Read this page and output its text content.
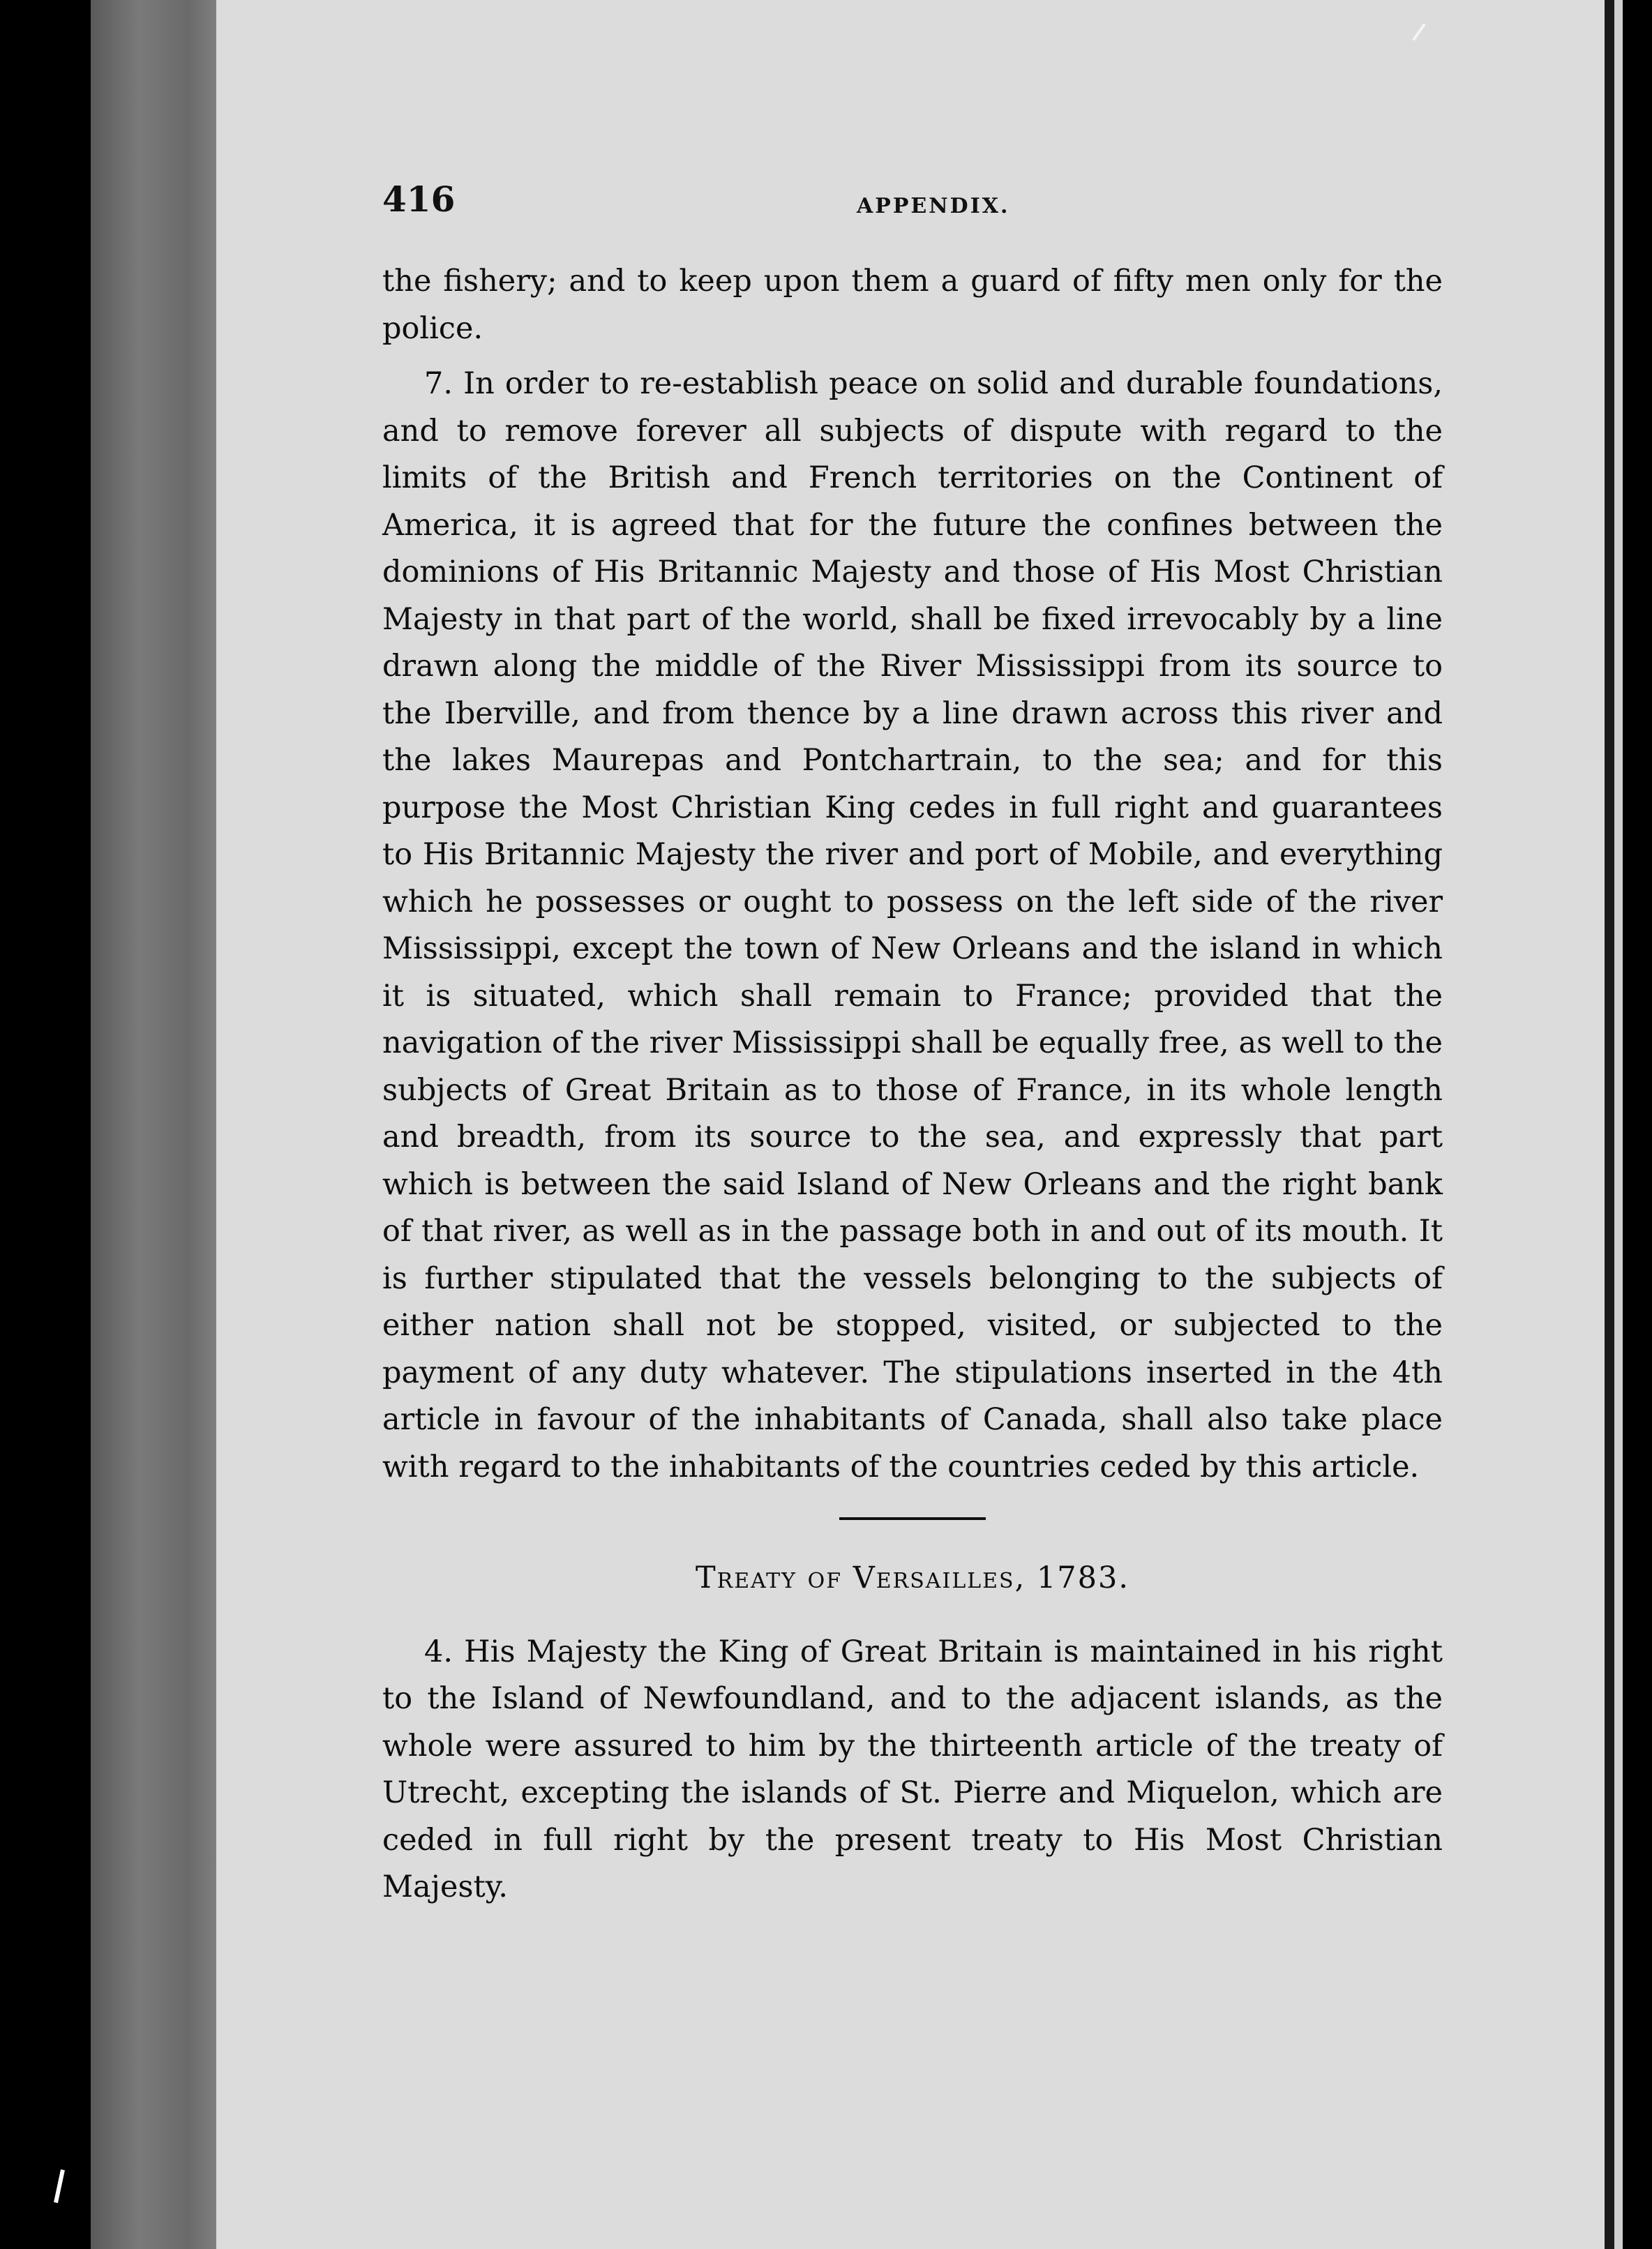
416	APPENDIX.

the fishery; and to keep upon them a guard of fifty men only for the police.

7. In order to re-establish peace on solid and durable foundations, and to remove forever all subjects of dispute with regard to the limits of the British and French territories on the Continent of America, it is agreed that for the future the confines between the dominions of His Britannic Majesty and those of His Most Christian Majesty in that part of the world, shall be fixed irrevocably by a line drawn along the middle of the River Mississippi from its source to the Iberville, and from thence by a line drawn across this river and the lakes Maurepas and Pontchartrain, to the sea; and for this purpose the Most Christian King cedes in full right and guarantees to His Britannic Majesty the river and port of Mobile, and everything which he possesses or ought to possess on the left side of the river Mississippi, except the town of New Orleans and the island in which it is situated, which shall remain to France; provided that the navigation of the river Mississippi shall be equally free, as well to the subjects of Great Britain as to those of France, in its whole length and breadth, from its source to the sea, and expressly that part which is between the said Island of New Orleans and the right bank of that river, as well as in the passage both in and out of its mouth. It is further stipulated that the vessels belonging to the subjects of either nation shall not be stopped, visited, or subjected to the payment of any duty whatever. The stipulations inserted in the 4th article in favour of the inhabitants of Canada, shall also take place with regard to the inhabitants of the countries ceded by this article.

Treaty of Versailles, 1783.

4. His Majesty the King of Great Britain is maintained in his right to the Island of Newfoundland, and to the adjacent islands, as the whole were assured to him by the thirteenth article of the treaty of Utrecht, excepting the islands of St. Pierre and Miquelon, which are ceded in full right by the present treaty to His Most Christian Majesty.
